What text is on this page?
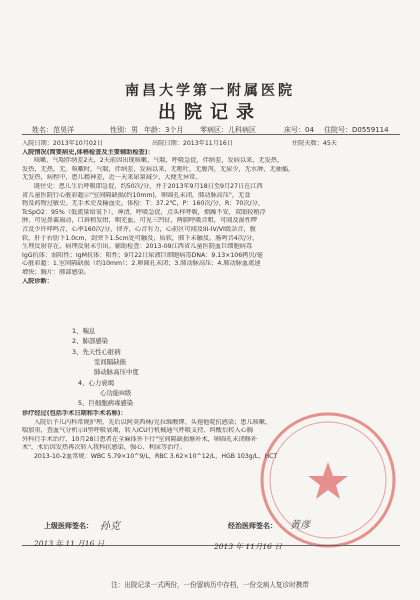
南昌大学第一附属医院
出院记录
姓名：范昊洋	性别：男 年龄：3个月 零病区：儿科病区	床号：04 住院号：D0559114
入院日期：2013年10月02日	出院日期：2013年11月16日	住院天数：45天
入院情况(简要病史,体格检查及主要辅助检查)：
咳嗽、气喘伴纳差2天，2天前因出现咳嗽、气喘，呼吸急促，伴纳差，发病以来，无发热，
发热，无热，无。咳嗽时，气喘，伴纳差，发病以来，无呕吐，无腹泻，无尿少，无水肿，无抽搐，
无发热，病程中，患儿精神差，近一天来尿量减少，大便无异常。
既往史：患儿生后呼吸即急促，约50次/分，并于2013年9月18日至9月27日在江西
省儿童医院行心脏彩超示"室间隔缺损(约10mm)，卵圆孔未闭，肺动脉高压"，无食
物及药物过敏史。无手术史及输血史。体检：T：37.2℃，P：160次/分，R：70次/分，
TcSpO2：95%（低流量给氧下），神清，呼吸急促，点头样呼吸，烦躁不安，双眼较稍浮
肿，可见鼻翼扇动，口唇稍发绀，咽充血，可见三凹征，两肺呼吸音粗，可闻及湿性啰
音及少许哮鸣音，心率160次/分，律齐，心音有力，心前区可闻及III-IV/VI级杂音，腹
软，肝于右肋下1.0cm，剑突下1.5cm处可触及，质软，肺下未触及。肠鸣音4次/分，
生理反射存在，病理反射未引出。辅助检查：2013-09江西省儿童医院血巨细胞病毒
IgG抗体：弱阳性；IgM抗体：阳性；9月22日尿液巨细胞病毒DNA：9.13×106拷贝/毫
心脏彩超：1.室间隔缺损（约10mm）；2.卵圆孔未闭；3.肺动脉高压；4.肺动脉血流速
增快；胸片：肺部感染。
入院诊断：
1、喘息
2、肺部感染
3、先天性心脏病
室间隔缺损
肺动脉高压中度
4、心力衰竭
心功能III级
5、巨细胞病毒感染
诊疗经过(包括手术日期和手术名称)：
入院后予儿内科常规护理，先后以阿莫西林/克拉维酸钾、头孢他啶抗感染；患儿咳嗽、
喘加重，查血气分析示II型呼吸衰竭，转入ICU行机械通气呼吸支持、纠酸后转入心胸
外科行手术治疗，10月28日患者在全麻体外下行"室间隔缺损修补术，卵圆孔未闭修补
术"，术后因发热再次转入我科抗感染，强心、利尿等治疗。
2013-10-2血常规：WBC 5.79×10^9/L，RBC 3.62×10^12/L，HGB 103g/L，HCT
上级医师签名： 孙克
2013 年 11 月16 日
经治医师签名： 黄彦
2013 年 11月16 日
注：出院记录一式两份，一份留病历中存档，一份交病人复诊时携带
